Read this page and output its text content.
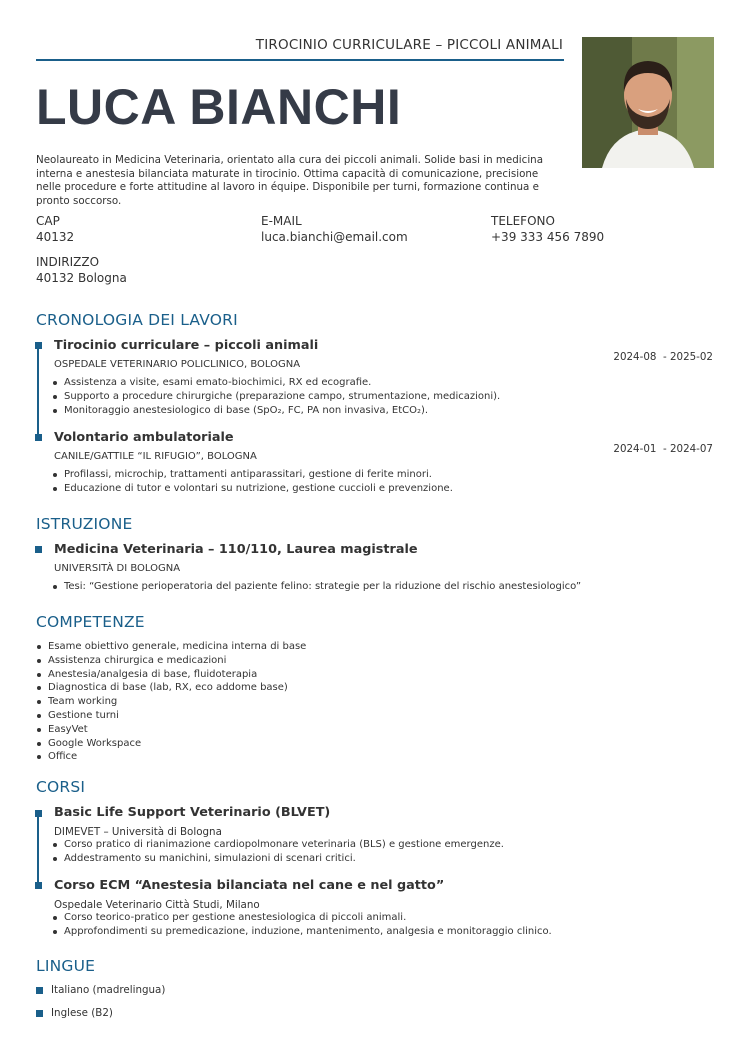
TIROCINIO CURRICULARE – PICCOLI ANIMALI
LUCA BIANCHI
Neolaureato in Medicina Veterinaria, orientato alla cura dei piccoli animali. Solide basi in medicina interna e anestesia bilanciata maturate in tirocinio. Ottima capacità di comunicazione, precisione nelle procedure e forte attitudine al lavoro in équipe. Disponibile per turni, formazione continua e pronto soccorso.
CAP
40132
E-MAIL
luca.bianchi@email.com
TELEFONO
+39 333 456 7890
INDIRIZZO
40132 Bologna
CRONOLOGIA DEI LAVORI
Tirocinio curriculare – piccoli animali
OSPEDALE VETERINARIO POLICLINICO, BOLOGNA
Assistenza a visite, esami emato-biochimici, RX ed ecografie.
Supporto a procedure chirurgiche (preparazione campo, strumentazione, medicazioni).
Monitoraggio anestesiologico di base (SpO₂, FC, PA non invasiva, EtCO₂).
2024-08  - 2025-02
Volontario ambulatoriale
CANILE/GATTILE “IL RIFUGIO”, BOLOGNA
Profilassi, microchip, trattamenti antiparassitari, gestione di ferite minori.
Educazione di tutor e volontari su nutrizione, gestione cuccioli e prevenzione.
2024-01  - 2024-07
ISTRUZIONE
Medicina Veterinaria – 110/110, Laurea magistrale
UNIVERSITÀ DI BOLOGNA
Tesi: “Gestione perioperatoria del paziente felino: strategie per la riduzione del rischio anestesiologico”
COMPETENZE
Esame obiettivo generale, medicina interna di base
Assistenza chirurgica e medicazioni
Anestesia/analgesia di base, fluidoterapia
Diagnostica di base (lab, RX, eco addome base)
Team working
Gestione turni
EasyVet
Google Workspace
Office
CORSI
Basic Life Support Veterinario (BLVET)
DIMEVET – Università di Bologna
Corso pratico di rianimazione cardiopolmonare veterinaria (BLS) e gestione emergenze.
Addestramento su manichini, simulazioni di scenari critici.
Corso ECM “Anestesia bilanciata nel cane e nel gatto”
Ospedale Veterinario Città Studi, Milano
Corso teorico-pratico per gestione anestesiologica di piccoli animali.
Approfondimenti su premedicazione, induzione, mantenimento, analgesia e monitoraggio clinico.
LINGUE
Italiano (madrelingua)
Inglese (B2)
